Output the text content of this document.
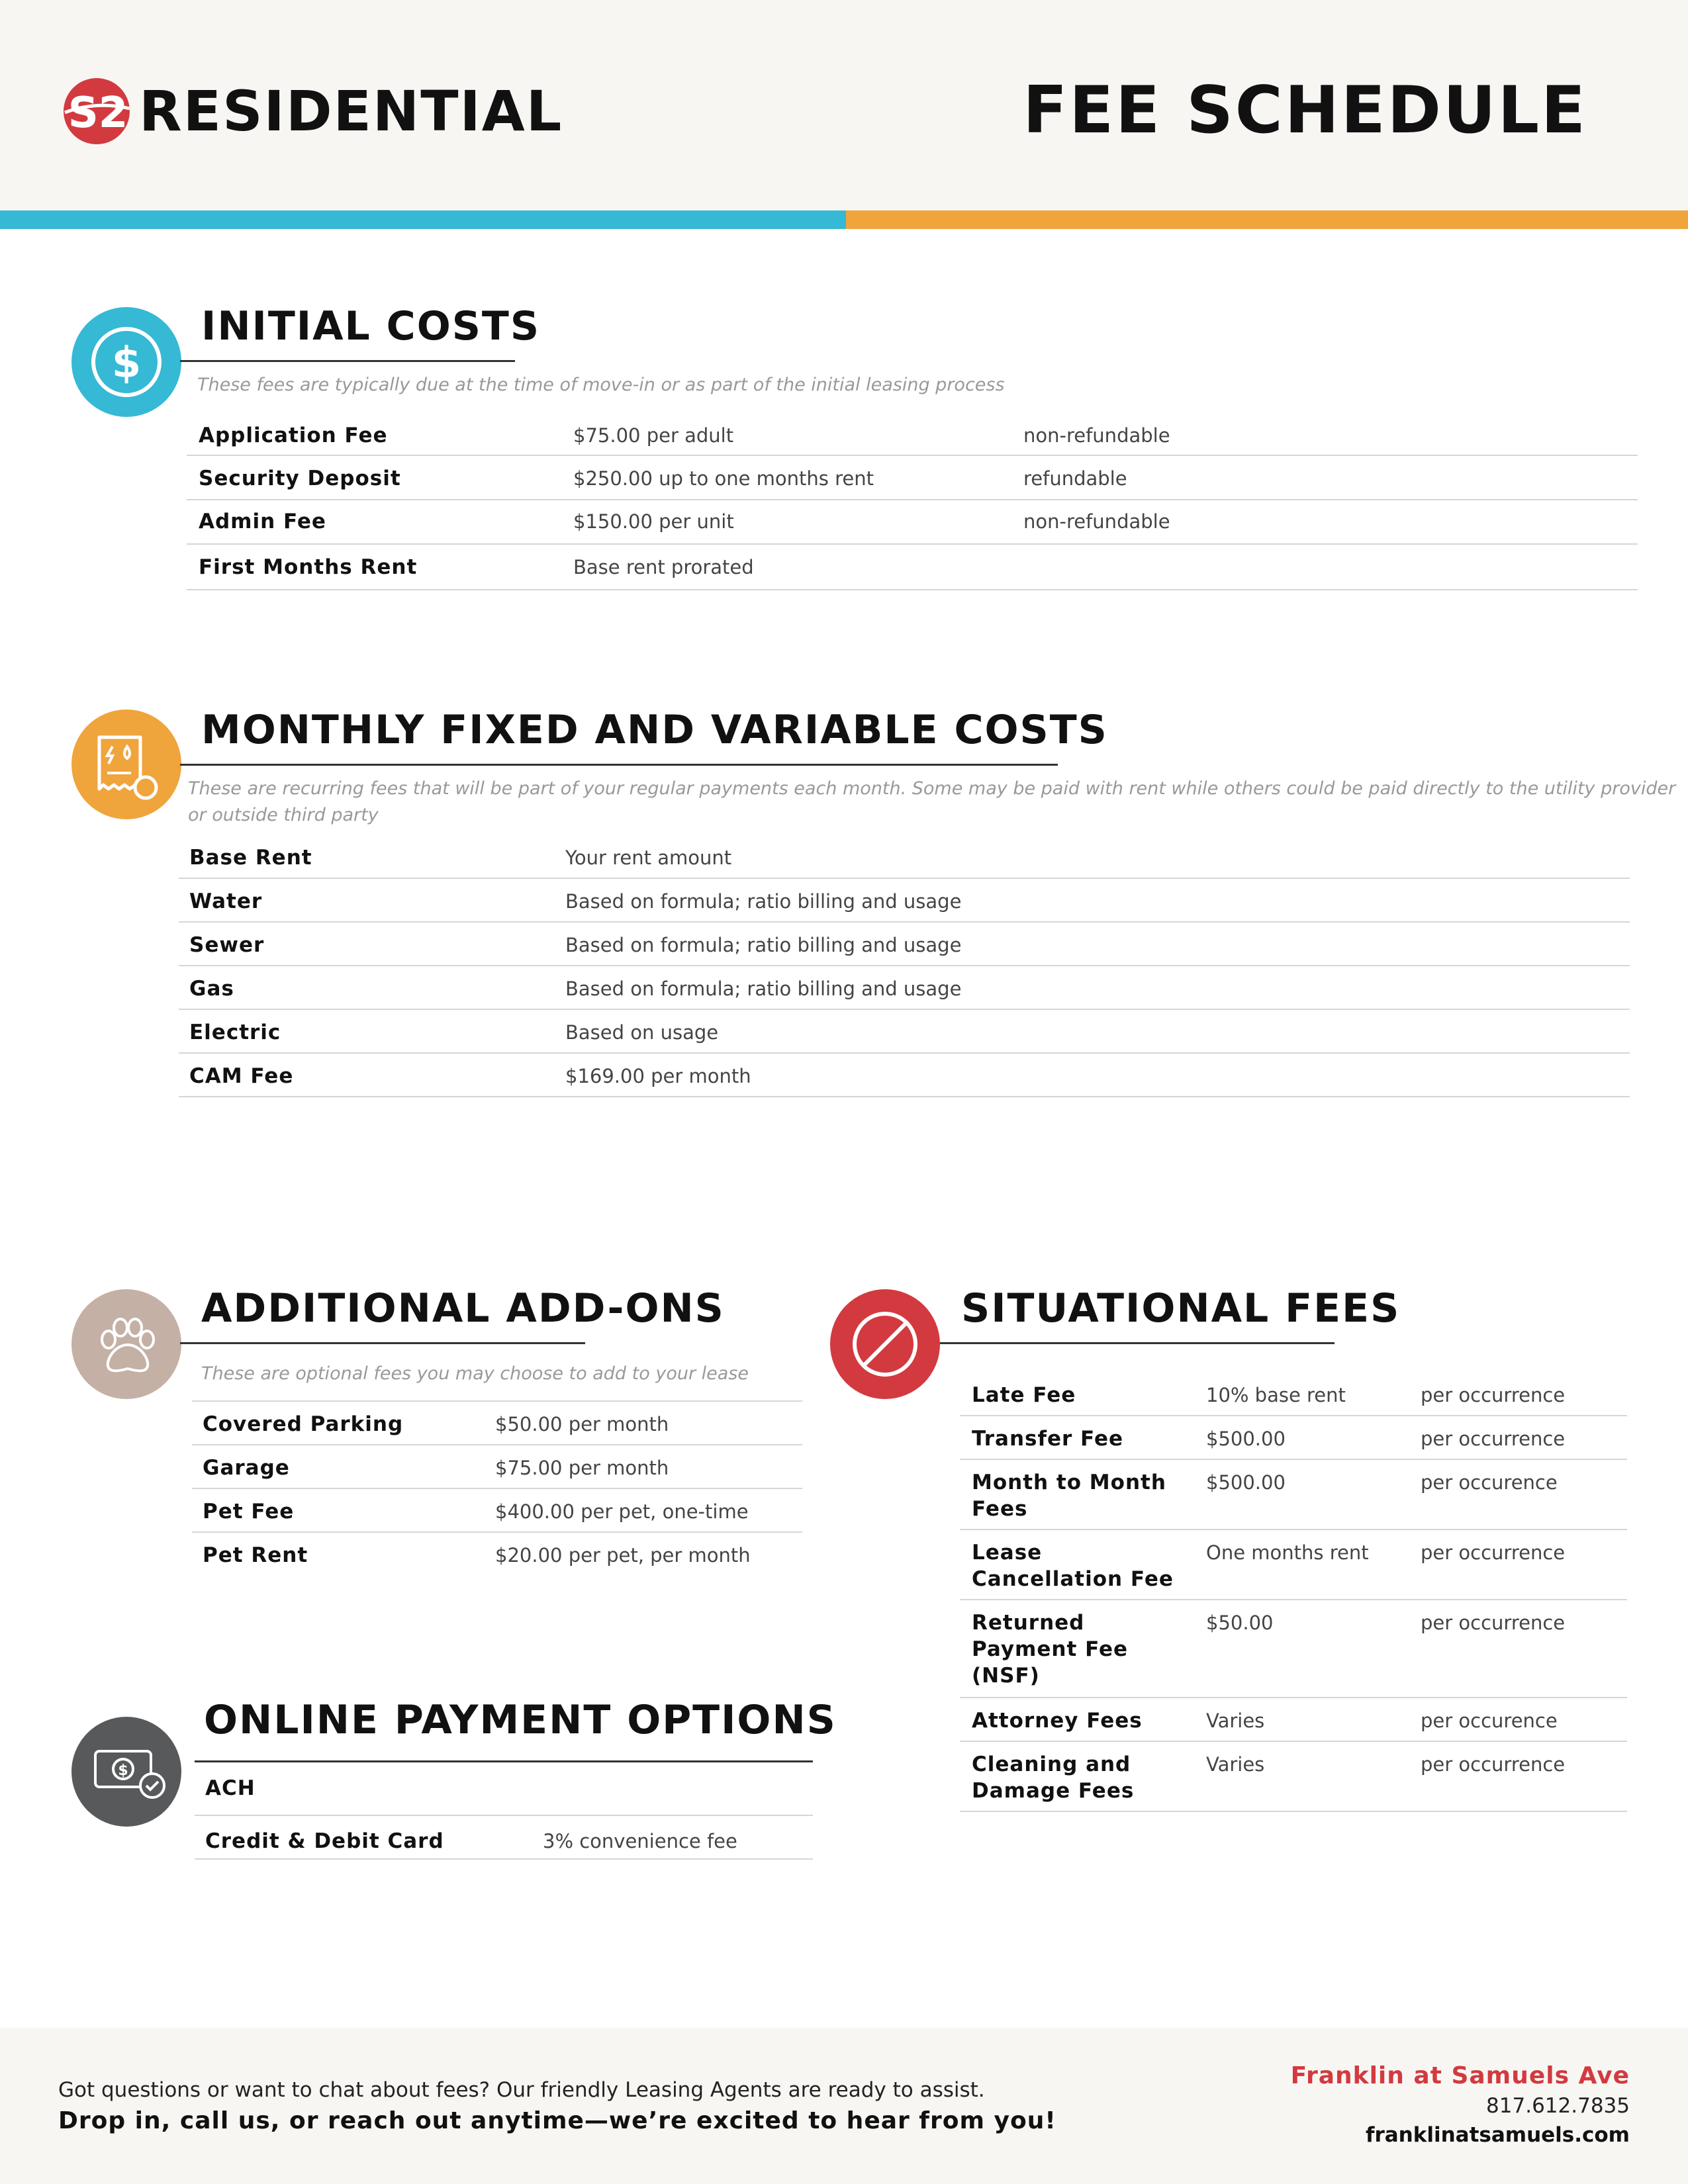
S2 RESIDENTIAL	FEE SCHEDULE
$
INITIAL COSTS
These fees are typically due at the time of move-in or as part of the initial leasing process
Application Fee	$75.00 per adult	non-refundable
Security Deposit	$250.00 up to one months rent	refundable
Admin Fee	$150.00 per unit	non-refundable
First Months Rent	Base rent prorated
MONTHLY FIXED AND VARIABLE COSTS
These are recurring fees that will be part of your regular payments each month. Some may be paid with rent while others could be paid directly to the utility provider
or outside third party
Base Rent	Your rent amount
Water	Based on formula; ratio billing and usage
Sewer	Based on formula; ratio billing and usage
Gas	Based on formula; ratio billing and usage
Electric	Based on usage
CAM Fee	$169.00 per month
ADDITIONAL ADD-ONS
These are optional fees you may choose to add to your lease
Covered Parking	$50.00 per month
Garage	$75.00 per month
Pet Fee	$400.00 per pet, one-time
Pet Rent	$20.00 per pet, per month
$
ONLINE PAYMENT OPTIONS
ACH
Credit & Debit Card	3% convenience fee
SITUATIONAL FEES
Late Fee	10% base rent	per occurrence
Transfer Fee	$500.00	per occurrence
Month to Month
Fees
$500.00	per occurence
Lease
Cancellation Fee
One months rent	per occurrence
Returned
Payment Fee
(NSF)
$50.00	per occurrence
Attorney Fees	Varies	per occurence
Cleaning and
Damage Fees
Varies	per occurrence
Got questions or want to chat about fees? Our friendly Leasing Agents are ready to assist.
Drop in, call us, or reach out anytime—we’re excited to hear from you!
Franklin at Samuels Ave
817.612.7835
franklinatsamuels.com
